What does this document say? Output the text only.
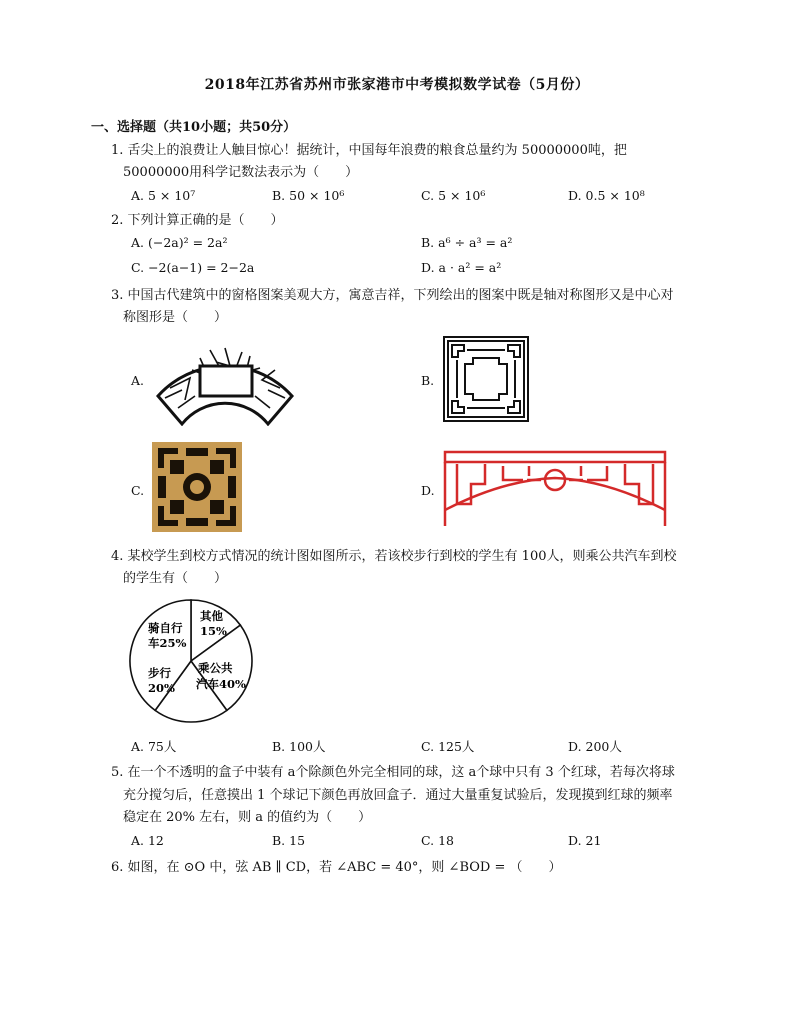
2018年江苏省苏州市张家港市中考模拟数学试卷（5月份）
一、选择题（共10小题；共50分）
1. 舌尖上的浪费让人触目惊心！据统计，中国每年浪费的粮食总量约为 50000000吨，把
50000000用科学记数法表示为（　　）
A. 5 × 10⁷	B. 50 × 10⁶	C. 5 × 10⁶	D. 0.5 × 10⁸
2. 下列计算正确的是（　　）
A. (−2a)² = 2a²	B. a⁶ ÷ a³ = a²
C. −2(a−1) = 2−2a	D. a · a² = a²
3. 中国古代建筑中的窗格图案美观大方，寓意吉祥，下列绘出的图案中既是轴对称图形又是中心对
称图形是（　　）
A.	B.
C.	D.
4. 某校学生到校方式情况的统计图如图所示，若该校步行到校的学生有 100人，则乘公共汽车到校
的学生有（　　）
其他
15%
骑自行
车25%
步行
20%
乘公共
汽车40%
A. 75人	B. 100人	C. 125人	D. 200人
5. 在一个不透明的盒子中装有 a个除颜色外完全相同的球，这 a个球中只有 3 个红球，若每次将球
充分搅匀后，任意摸出 1 个球记下颜色再放回盒子．通过大量重复试验后，发现摸到红球的频率
稳定在 20% 左右，则 a 的值约为（　　）
A. 12	B. 15	C. 18	D. 21
6. 如图，在 ⊙O 中，弦 AB ∥ CD，若 ∠ABC = 40°，则 ∠BOD = （　　）
